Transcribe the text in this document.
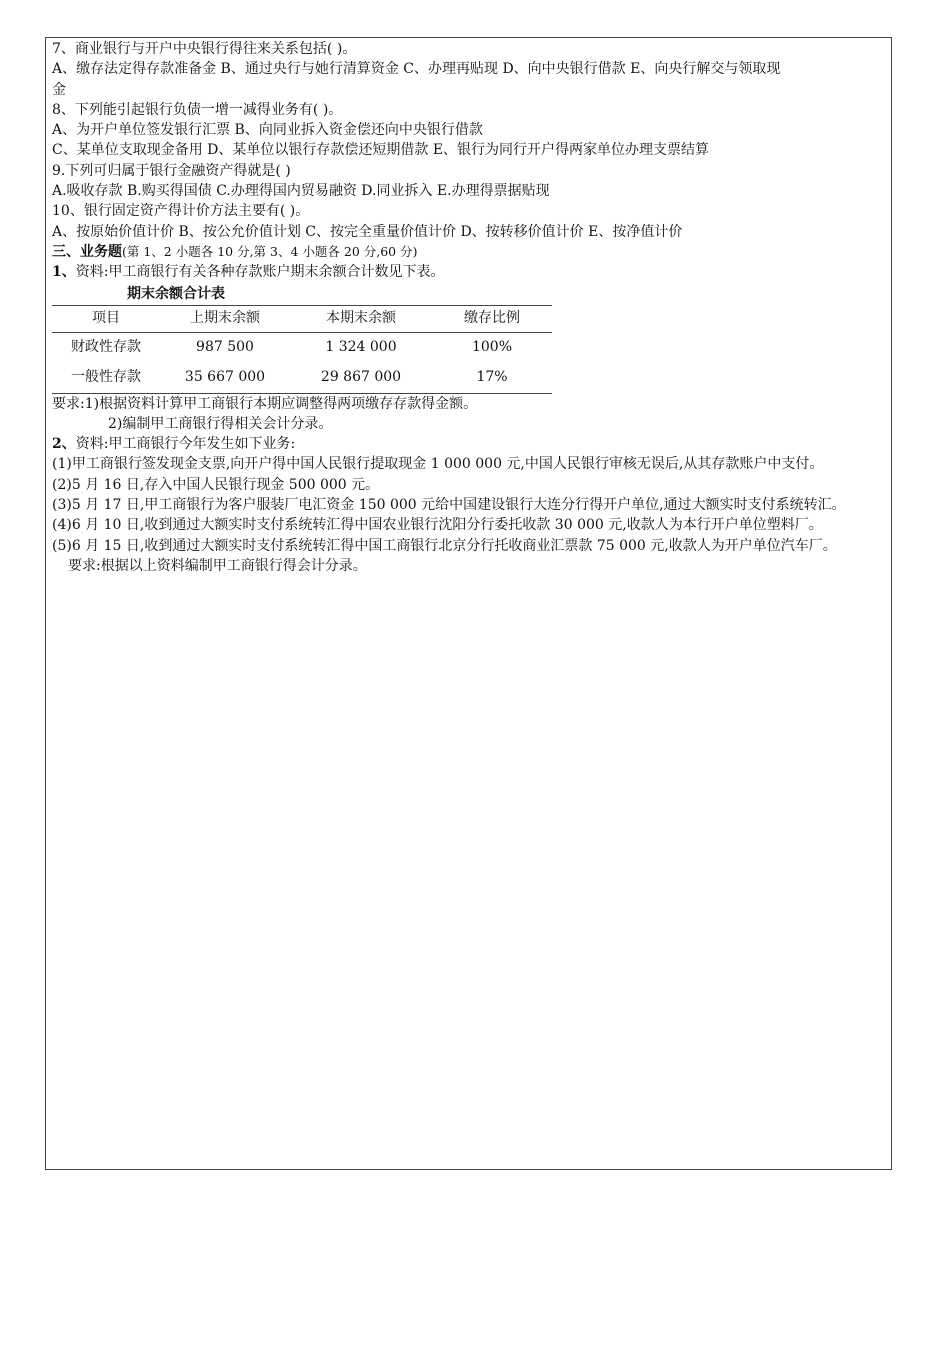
7、商业银行与开户中央银行得往来关系包括( )。
A、缴存法定得存款准备金 B、通过央行与她行清算资金 C、办理再贴现 D、向中央银行借款 E、向央行解交与领取现
金
8、下列能引起银行负债一增一减得业务有( )。
A、为开户单位签发银行汇票 B、向同业拆入资金偿还向中央银行借款
C、某单位支取现金备用 D、某单位以银行存款偿还短期借款 E、银行为同行开户得两家单位办理支票结算
9.下列可归属于银行金融资产得就是( )
A.吸收存款 B.购买得国债 C.办理得国内贸易融资 D.同业拆入 E.办理得票据贴现
10、银行固定资产得计价方法主要有( )。
A、按原始价值计价 B、按公允价值计划 C、按完全重量价值计价 D、按转移价值计价 E、按净值计价
三、业务题(第 1、2 小题各 10 分,第 3、4 小题各 20 分,60 分)
1、资料:甲工商银行有关各种存款账户期末余额合计数见下表。
期末余额合计表
项目	上期末余额	本期末余额	缴存比例
财政性存款	987 500	1 324 000	100%
一般性存款	35 667 000	29 867 000	17%
要求:1)根据资料计算甲工商银行本期应调整得两项缴存存款得金额。
2)编制甲工商银行得相关会计分录。
2、资料:甲工商银行今年发生如下业务:
(1)甲工商银行签发现金支票,向开户得中国人民银行提取现金 1 000 000 元,中国人民银行审核无误后,从其存款账户中支付。
(2)5 月 16 日,存入中国人民银行现金 500 000 元。
(3)5 月 17 日,甲工商银行为客户服装厂电汇资金 150 000 元给中国建设银行大连分行得开户单位,通过大额实时支付系统转汇。
(4)6 月 10 日,收到通过大额实时支付系统转汇得中国农业银行沈阳分行委托收款 30 000 元,收款人为本行开户单位塑料厂。
(5)6 月 15 日,收到通过大额实时支付系统转汇得中国工商银行北京分行托收商业汇票款 75 000 元,收款人为开户单位汽车厂。
要求:根据以上资料编制甲工商银行得会计分录。
